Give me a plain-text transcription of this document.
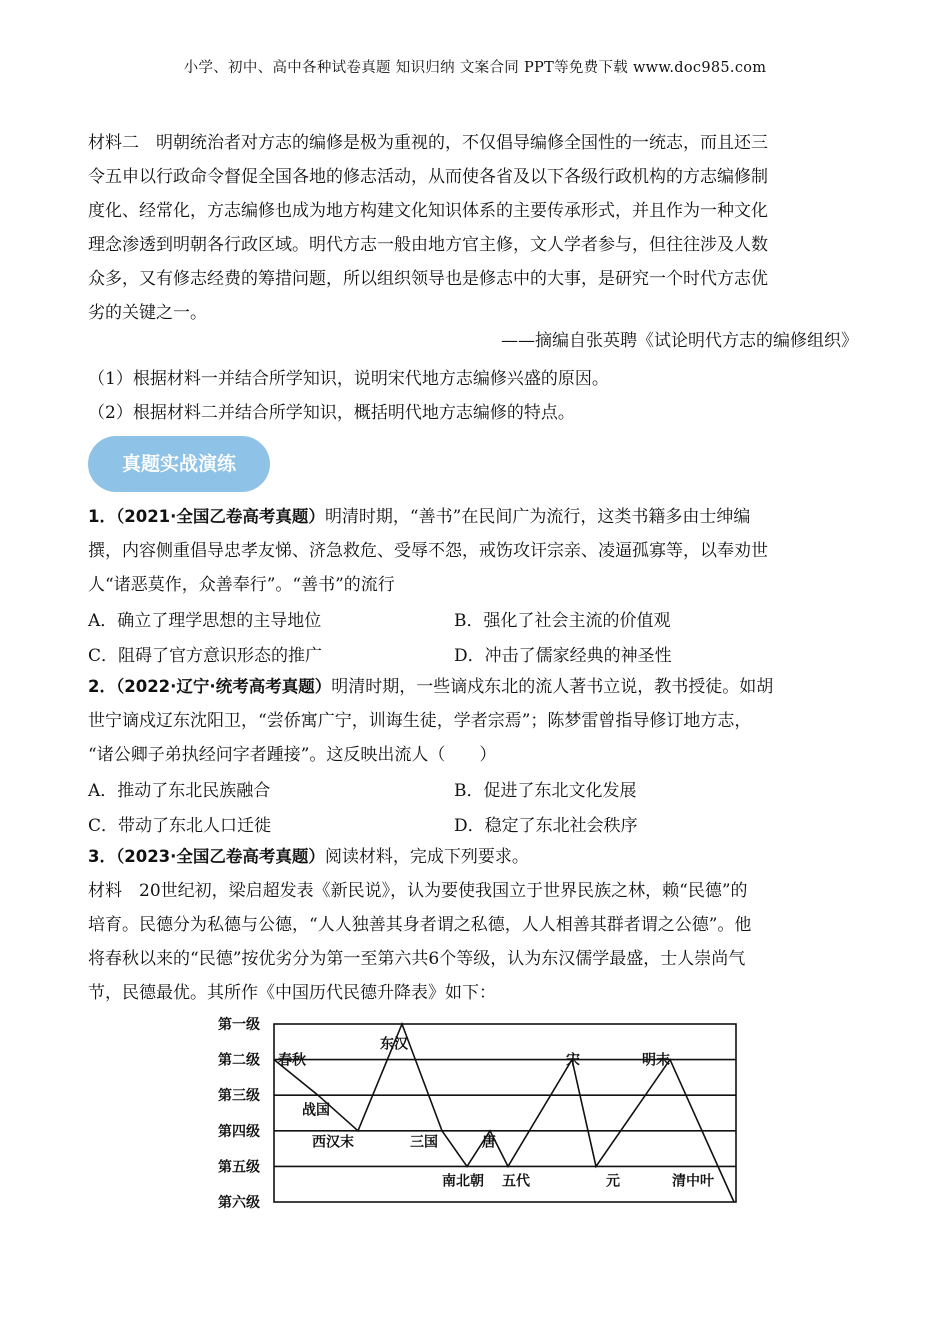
小学、初中、高中各种试卷真题 知识归纳 文案合同 PPT等免费下载 www.doc985.com
材料二　明朝统治者对方志的编修是极为重视的，不仅倡导编修全国性的一统志，而且还三
令五申以行政命令督促全国各地的修志活动，从而使各省及以下各级行政机构的方志编修制
度化、经常化，方志编修也成为地方构建文化知识体系的主要传承形式，并且作为一种文化
理念渗透到明朝各行政区域。明代方志一般由地方官主修，文人学者参与，但往往涉及人数
众多，又有修志经费的筹措问题，所以组织领导也是修志中的大事，是研究一个时代方志优
劣的关键之一。
——摘编自张英聘《试论明代方志的编修组织》
（1）根据材料一并结合所学知识，说明宋代地方志编修兴盛的原因。
（2）根据材料二并结合所学知识，概括明代地方志编修的特点。
真题实战演练
1．（2021·全国乙卷高考真题）明清时期，“善书”在民间广为流行，这类书籍多由士绅编
撰，内容侧重倡导忠孝友悌、济急救危、受辱不怨，戒饬攻讦宗亲、凌逼孤寡等，以奉劝世
人“诸恶莫作，众善奉行”。“善书”的流行
A．确立了理学思想的主导地位	B．强化了社会主流的价值观
C．阻碍了官方意识形态的推广	D．冲击了儒家经典的神圣性
2．（2022·辽宁·统考高考真题）明清时期，一些谪戍东北的流人著书立说，教书授徒。如胡
世宁谪戍辽东沈阳卫，“尝侨寓广宁，训诲生徒，学者宗焉”；陈梦雷曾指导修订地方志，
“诸公卿子弟执经问字者踵接”。这反映出流人（　　）
A．推动了东北民族融合	B．促进了东北文化发展
C．带动了东北人口迁徙	D．稳定了东北社会秩序
3．（2023·全国乙卷高考真题）阅读材料，完成下列要求。
材料　20世纪初，梁启超发表《新民说》，认为要使我国立于世界民族之林，赖“民德”的
培育。民德分为私德与公德，“人人独善其身者谓之私德，人人相善其群者谓之公德”。他
将春秋以来的“民德”按优劣分为第一至第六共6个等级，认为东汉儒学最盛，士人崇尚气
节，民德最优。其所作《中国历代民德升降表》如下：
第一级
第二级
第三级
第四级
第五级
第六级
春秋
战国
西汉末
东汉
三国
南北朝
唐
五代
宋
元
明末
清中叶
